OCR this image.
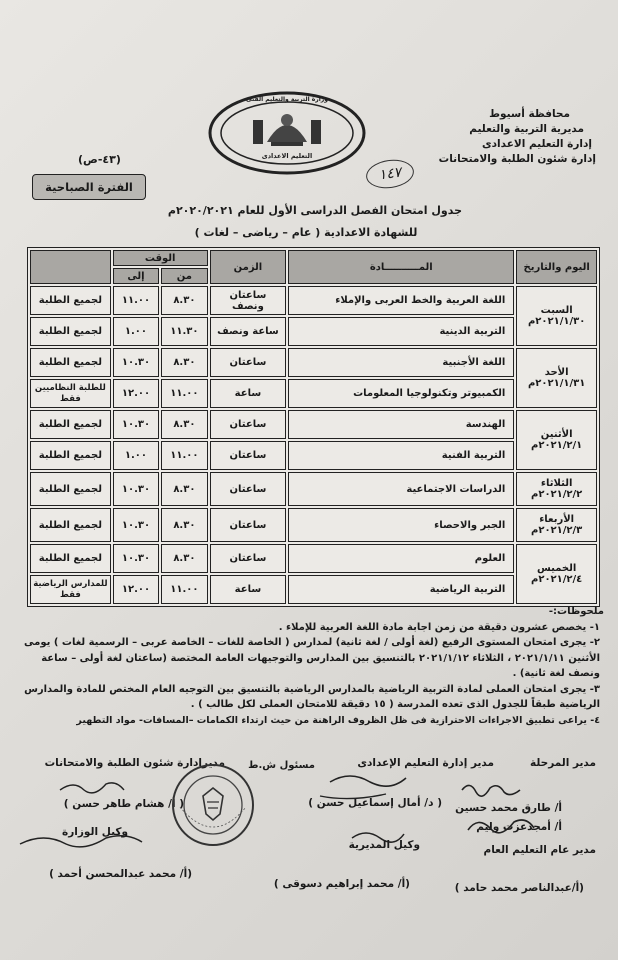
محافظة أسيوط
مديرية التربية والتعليم
إدارة التعليم الاعدادى
إدارة شئون الطلبة والامتحانات
١٤٧
وزارة التربية والتعليم الفنى
التعليم الاعدادى
(٤٣-ص)
الفترة الصباحية
جدول امتحان الفصل الدراسى الأول للعام ٢٠٢٠/٢٠٢١م
للشهادة الاعدادية ( عام – رياضى – لغات )
اليوم والتاريخ	المــــــــــادة	الزمن	الوقت		
			من	إلى	

السبت
٢٠٢١/١/٣٠م	اللغة العربية والخط العربى والإملاء	ساعتان ونصف	٨.٣٠	١١.٠٠	لجميع الطلبة
	التربية الدينية	ساعة ونصف	١١.٣٠	١.٠٠	لجميع الطلبة

الأحد
٢٠٢١/١/٣١م	اللغة الأجنبية	ساعتان	٨.٣٠	١٠.٣٠	لجميع الطلبة
	الكمبيوتر وتكنولوجيا المعلومات	ساعة	١١.٠٠	١٢.٠٠	للطلبة النظاميين فقط

الأثنين
٢٠٢١/٢/١م	الهندسة	ساعتان	٨.٣٠	١٠.٣٠	لجميع الطلبة
	التربية الفنية	ساعتان	١١.٠٠	١.٠٠	لجميع الطلبة

الثلاثاء
٢٠٢١/٢/٢م	الدراسات الاجتماعية	ساعتان	٨.٣٠	١٠.٣٠	لجميع الطلبة

الأربعاء
٢٠٢١/٢/٣م	الجبر والاحصاء	ساعتان	٨.٣٠	١٠.٣٠	لجميع الطلبة

الخميس
٢٠٢١/٢/٤م	العلوم	ساعتان	٨.٣٠	١٠.٣٠	لجميع الطلبة
	التربية الرياضية	ساعة	١١.٠٠	١٢.٠٠	للمدارس الرياضية فقط
ملحوظات:-
١- يخصص عشرون دقيقة من زمن اجابة مادة اللغة العربية للإملاء .
٢- يجرى امتحان المستوى الرفيع (لغة أولى / لغة ثانية) لمدارس ( الخاصة للغات – الخاصة عربى – الرسمية لغات ) يومى الأثنين ٢٠٢١/١/١١ ، الثلاثاء ٢٠٢١/١/١٢ بالتنسيق بين المدارس والتوجيهات العامة المختصة (ساعتان لغة أولى – ساعة ونصف لغة ثانية) .
٣- يجرى امتحان العملى لمادة التربية الرياضية بالمدارس الرياضية بالتنسيق بين التوجيه العام المختص للمادة والمدارس الرياضية طبقاً للجدول الذى تعده المدرسة ( ١٥ دقيقة للامتحان العملى لكل طالب ) .
٤- يراعى تطبيق الاجراءات الاحترازية فى ظل الظروف الراهنة من حيث ارتداء الكمامات –المسافات- مواد التطهير
مدير المرحلة
مدير إدارة التعليم الإعدادى
مسئول ش.ط
مديرإدارة شئون الطلبة والامتحانات
أ/ طارق محمد حسين
أ/ أمجدعزت وليم
( د/ أمال إسماعيل حسن )
( أ/ هشام طاهر حسن )
مدير عام التعليم العام
وكيل المديرية
وكيل الوزارة
(أ/عبدالناصر محمد حامد )
(أ/ محمد إبراهيم دسوقى )
(أ/ محمد عبدالمحسن أحمد )
